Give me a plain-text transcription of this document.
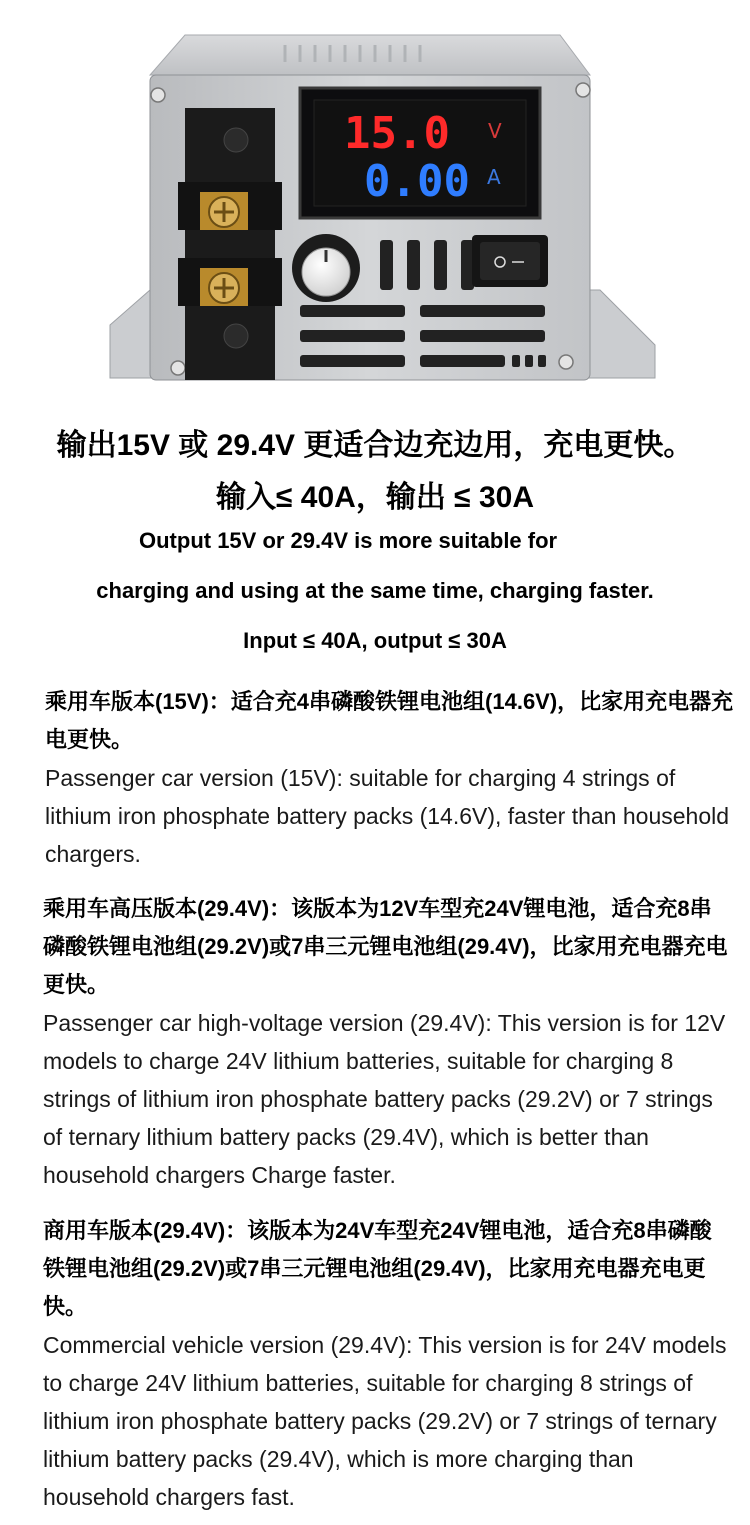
15.0 V
0.00 A
输出15V 或 29.4V 更适合边充边用，充电更快。
输入≤ 40A，输出 ≤ 30A
Output 15V or 29.4V is more suitable for
charging and using at the same time, charging faster.
Input ≤ 40A, output ≤ 30A
乘用车版本(15V)：适合充4串磷酸铁锂电池组(14.6V)，比家用充电器充电更快。
Passenger car version (15V): suitable for charging 4 strings of lithium iron phosphate battery packs (14.6V), faster than household chargers.
乘用车高压版本(29.4V)：该版本为12V车型充24V锂电池，适合充8串磷酸铁锂电池组(29.2V)或7串三元锂电池组(29.4V)，比家用充电器充电更快。
Passenger car high-voltage version (29.4V): This version is for 12V models to charge 24V lithium batteries, suitable for charging 8 strings of lithium iron phosphate battery packs (29.2V) or 7 strings of ternary lithium battery packs (29.4V), which is better than household chargers Charge faster.
商用车版本(29.4V)：该版本为24V车型充24V锂电池，适合充8串磷酸铁锂电池组(29.2V)或7串三元锂电池组(29.4V)，比家用充电器充电更快。
Commercial vehicle version (29.4V): This version is for 24V models to charge 24V lithium batteries, suitable for charging 8 strings of lithium iron phosphate battery packs (29.2V) or 7 strings of ternary lithium battery packs (29.4V), which is more charging than household chargers fast.
